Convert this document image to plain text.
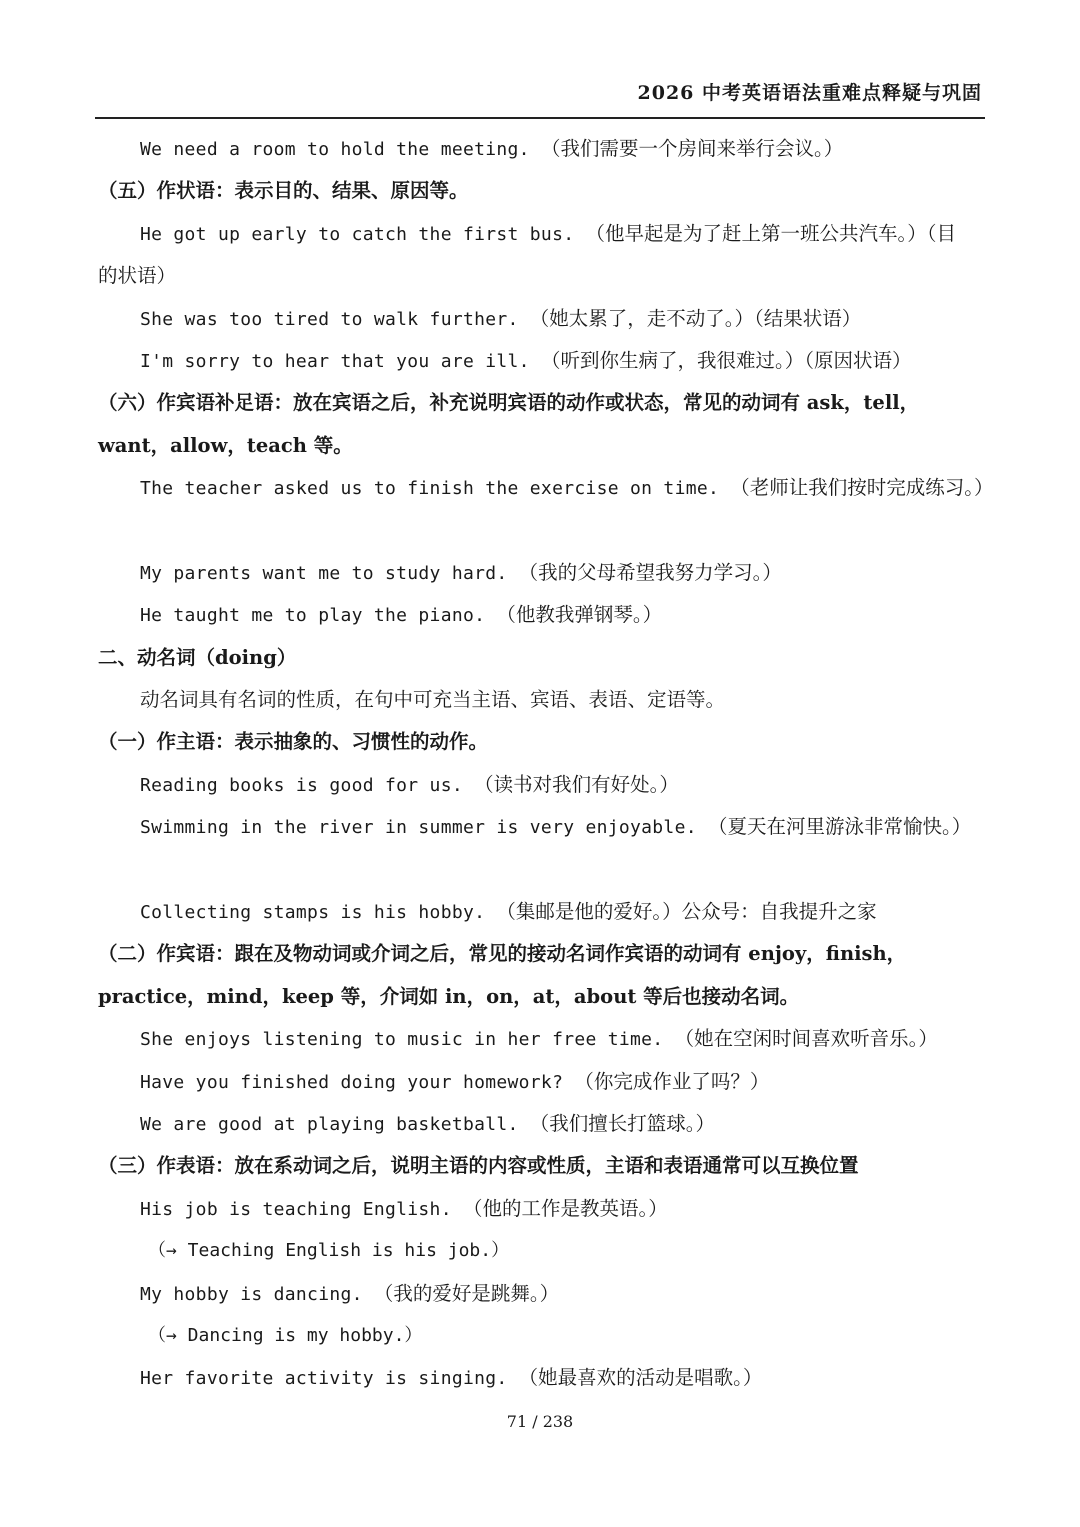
2026 中考英语语法重难点释疑与巩固
We need a room to hold the meeting. （我们需要一个房间来举行会议。）
（五）作状语：表示目的、结果、原因等。
He got up early to catch the first bus. （他早起是为了赶上第一班公共汽车。）（目
的状语）
She was too tired to walk further. （她太累了，走不动了。）（结果状语）
I'm sorry to hear that you are ill. （听到你生病了，我很难过。）（原因状语）
（六）作宾语补足语：放在宾语之后，补充说明宾语的动作或状态，常见的动词有 ask，tell，
want，allow，teach 等。
The teacher asked us to finish the exercise on time. （老师让我们按时完成练习。）
My parents want me to study hard. （我的父母希望我努力学习。）
He taught me to play the piano. （他教我弹钢琴。）
二、动名词（doing）
动名词具有名词的性质，在句中可充当主语、宾语、表语、定语等。
（一）作主语：表示抽象的、习惯性的动作。
Reading books is good for us. （读书对我们有好处。）
Swimming in the river in summer is very enjoyable. （夏天在河里游泳非常愉快。）
Collecting stamps is his hobby. （集邮是他的爱好。）公众号：自我提升之家
（二）作宾语：跟在及物动词或介词之后，常见的接动名词作宾语的动词有 enjoy，finish，
practice，mind，keep 等，介词如 in，on，at，about 等后也接动名词。
She enjoys listening to music in her free time. （她在空闲时间喜欢听音乐。）
Have you finished doing your homework? （你完成作业了吗？）
We are good at playing basketball. （我们擅长打篮球。）
（三）作表语：放在系动词之后，说明主语的内容或性质，主语和表语通常可以互换位置
His job is teaching English. （他的工作是教英语。）
（→ Teaching English is his job.）
My hobby is dancing. （我的爱好是跳舞。）
（→ Dancing is my hobby.）
Her favorite activity is singing. （她最喜欢的活动是唱歌。）
71 / 238
